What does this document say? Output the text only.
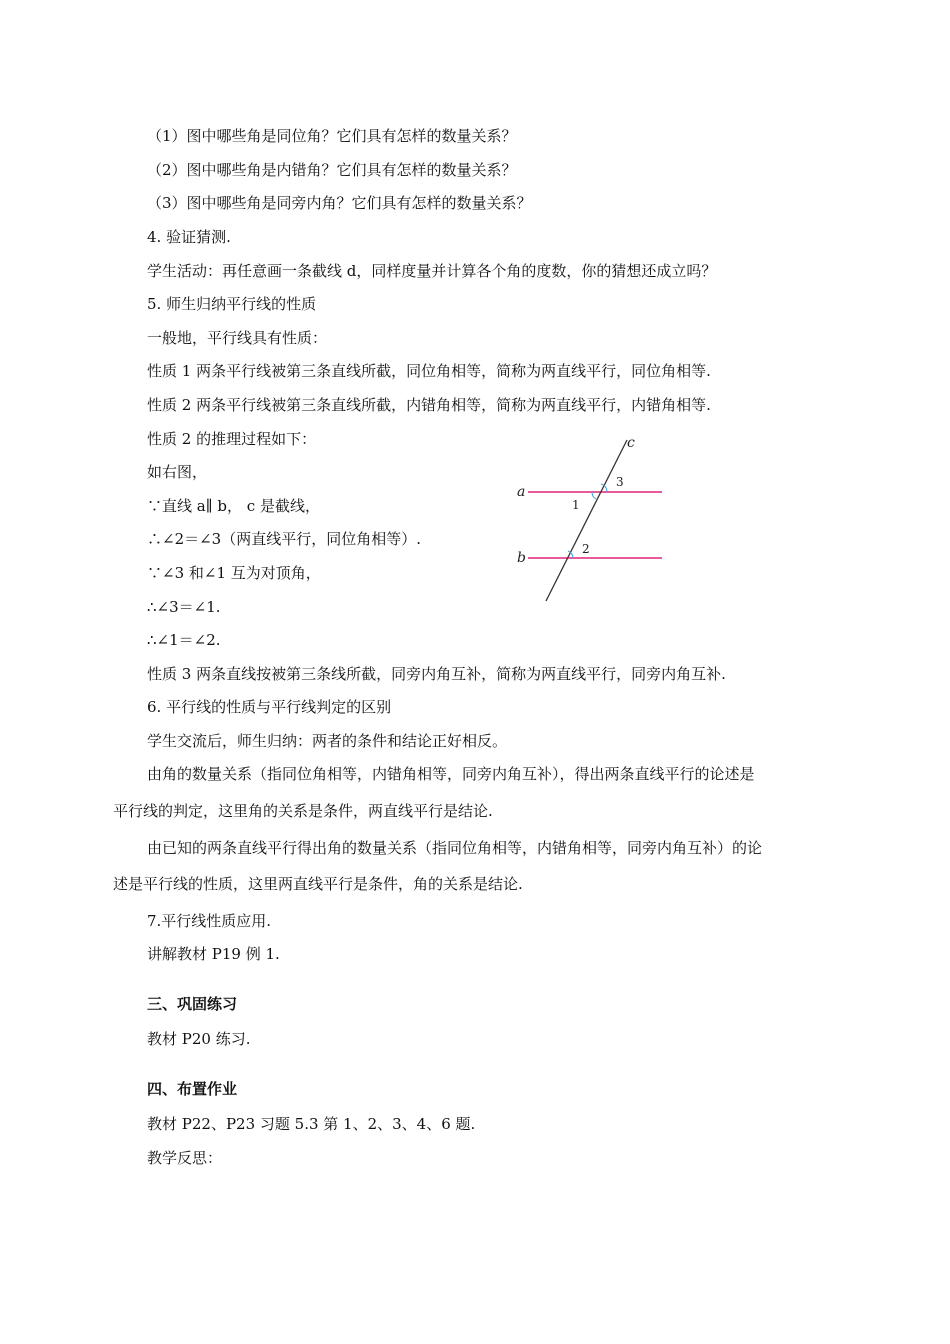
（1）图中哪些角是同位角？它们具有怎样的数量关系？
（2）图中哪些角是内错角？它们具有怎样的数量关系？
（3）图中哪些角是同旁内角？它们具有怎样的数量关系？
4. 验证猜测.
学生活动：再任意画一条截线 d，同样度量并计算各个角的度数，你的猜想还成立吗？
5. 师生归纳平行线的性质
一般地，平行线具有性质：
性质 1 两条平行线被第三条直线所截，同位角相等，简称为两直线平行，同位角相等.
性质 2 两条平行线被第三条直线所截，内错角相等，简称为两直线平行，内错角相等.
性质 2 的推理过程如下：
如右图，
∵直线 a∥ b， c 是截线，
∴∠2＝∠3（两直线平行，同位角相等）.
∵∠3 和∠1 互为对顶角，
∴∠3＝∠1.
∴∠1＝∠2.
性质 3 两条直线按被第三条线所截，同旁内角互补，简称为两直线平行，同旁内角互补.
6. 平行线的性质与平行线判定的区别
学生交流后，师生归纳：两者的条件和结论正好相反。
由角的数量关系（指同位角相等，内错角相等，同旁内角互补），得出两条直线平行的论述是
平行线的判定，这里角的关系是条件，两直线平行是结论.
由已知的两条直线平行得出角的数量关系（指同位角相等，内错角相等，同旁内角互补）的论
述是平行线的性质，这里两直线平行是条件，角的关系是结论.
7.平行线性质应用.
讲解教材 P19 例 1.
三、巩固练习
教材 P20 练习.
四、布置作业
教材 P22、P23 习题 5.3 第 1、2、3、4、6 题.
教学反思：
a
b
c
1
2
3
